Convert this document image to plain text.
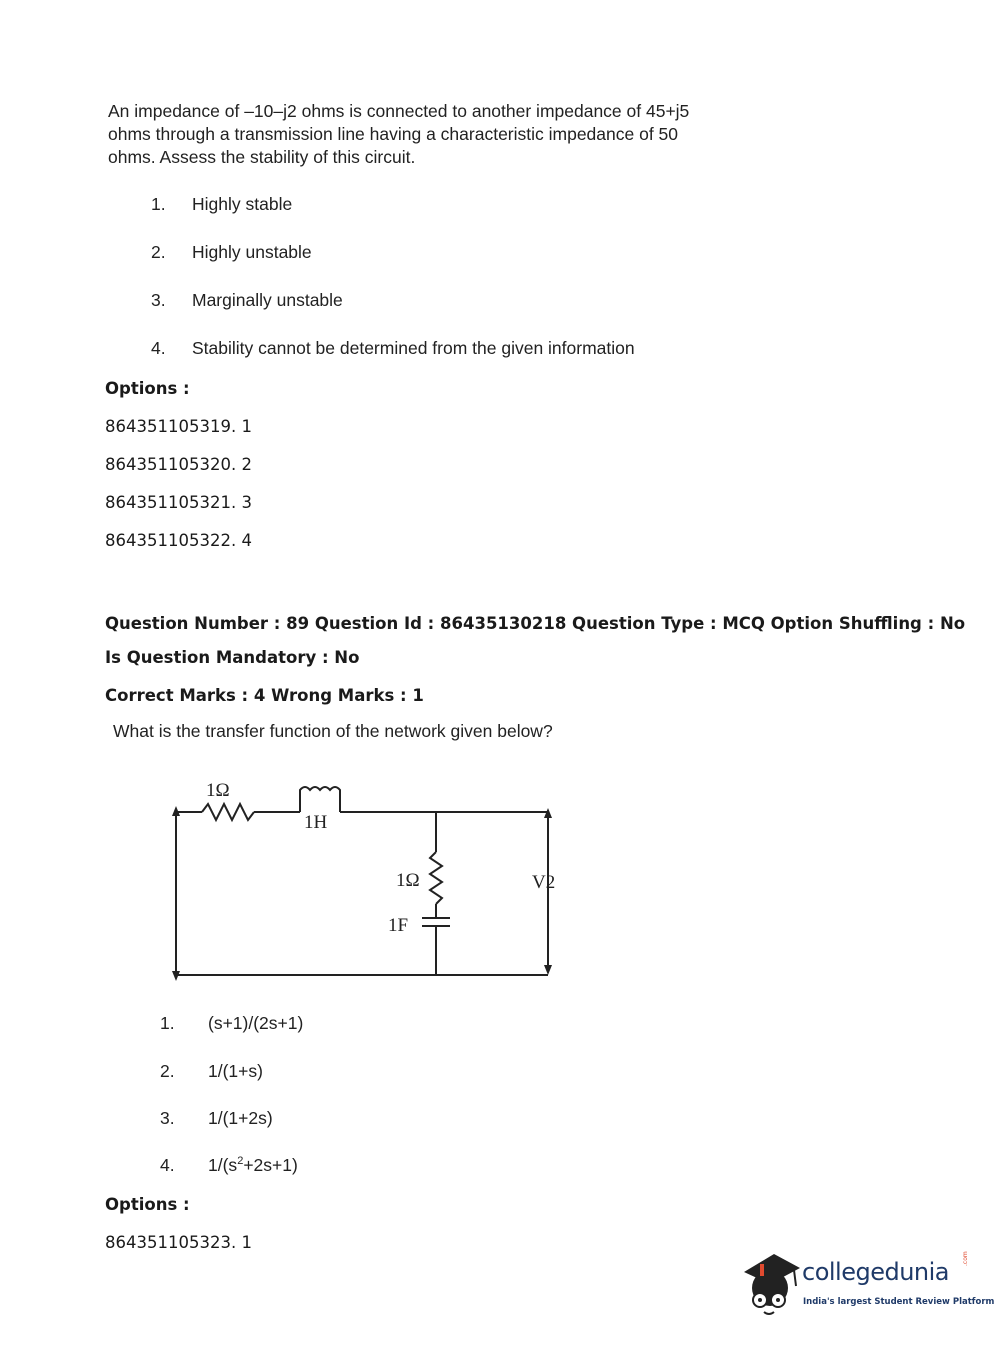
An impedance of –10–j2 ohms is connected to another impedance of 45+j5 ohms through a transmission line having a characteristic impedance of 50 ohms. Assess the stability of this circuit.
1. Highly stable
2. Highly unstable
3. Marginally unstable
4. Stability cannot be determined from the given information
Options :
864351105319. 1
864351105320. 2
864351105321. 3
864351105322. 4
Question Number : 89 Question Id : 86435130218 Question Type : MCQ Option Shuffling : No
Is Question Mandatory : No
Correct Marks : 4 Wrong Marks : 1
What is the transfer function of the network given below?
1Ω
1H
1Ω
1F
V2
1. (s+1)/(2s+1)
2. 1/(1+s)
3. 1/(1+2s)
4. $1/(s^2+2s+1)$
Options :
864351105323. 1
collegedunia .com
India's largest Student Review Platform
